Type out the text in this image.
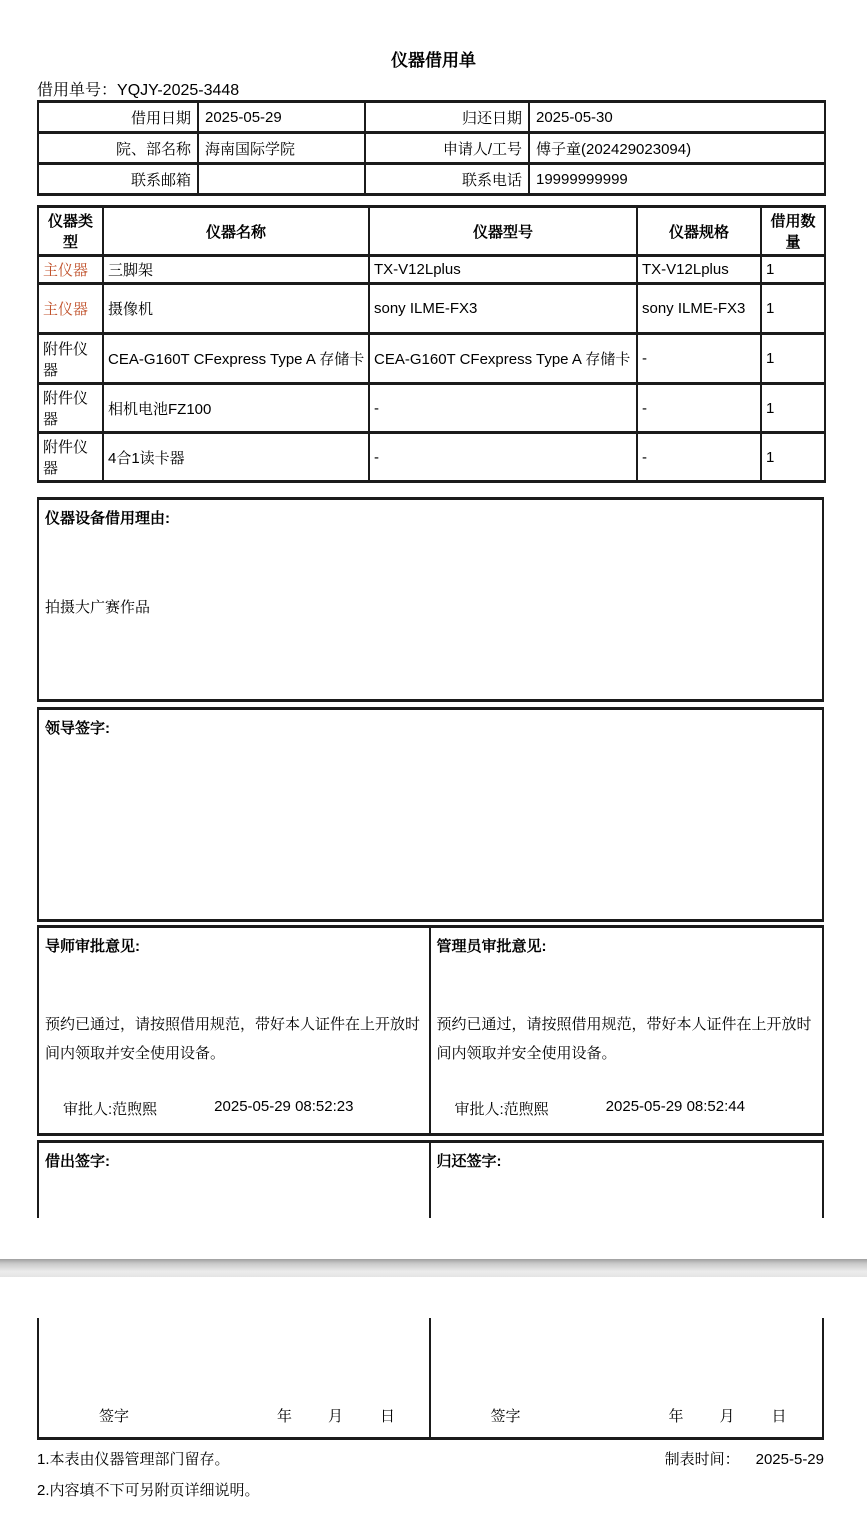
仪器借用单
借用单号：YQJY-2025-3448
借用日期	2025-05-29	归还日期	2025-05-30
院、部名称	海南国际学院	申请人/工号	傅子童(202429023094)
联系邮箱		联系电话	19999999999
仪器类型	仪器名称	仪器型号	仪器规格	借用数量
主仪器	三脚架	TX-V12Lplus	TX-V12Lplus	1
主仪器	摄像机	sony ILME-FX3	sony ILME-FX3	1
附件仪器	CEA-G160T CFexpress Type A 存储卡	CEA-G160T CFexpress Type A 存储卡	-	1
附件仪器	相机电池FZ100	-	-	1
附件仪器	4合1读卡器	-	-	1
仪器设备借用理由:
拍摄大广赛作品
领导签字:
导师审批意见:
预约已通过，请按照借用规范，带好本人证件在上开放时间内领取并安全使用设备。
审批人:范煦熙	2025-05-29 08:52:23
管理员审批意见:
预约已通过，请按照借用规范，带好本人证件在上开放时间内领取并安全使用设备。
审批人:范煦熙	2025-05-29 08:52:44
借出签字:	归还签字:
签字	年 月 日	签字	年 月 日
1.本表由仪器管理部门留存。	制表时间： 2025-5-29
2.内容填不下可另附页详细说明。
